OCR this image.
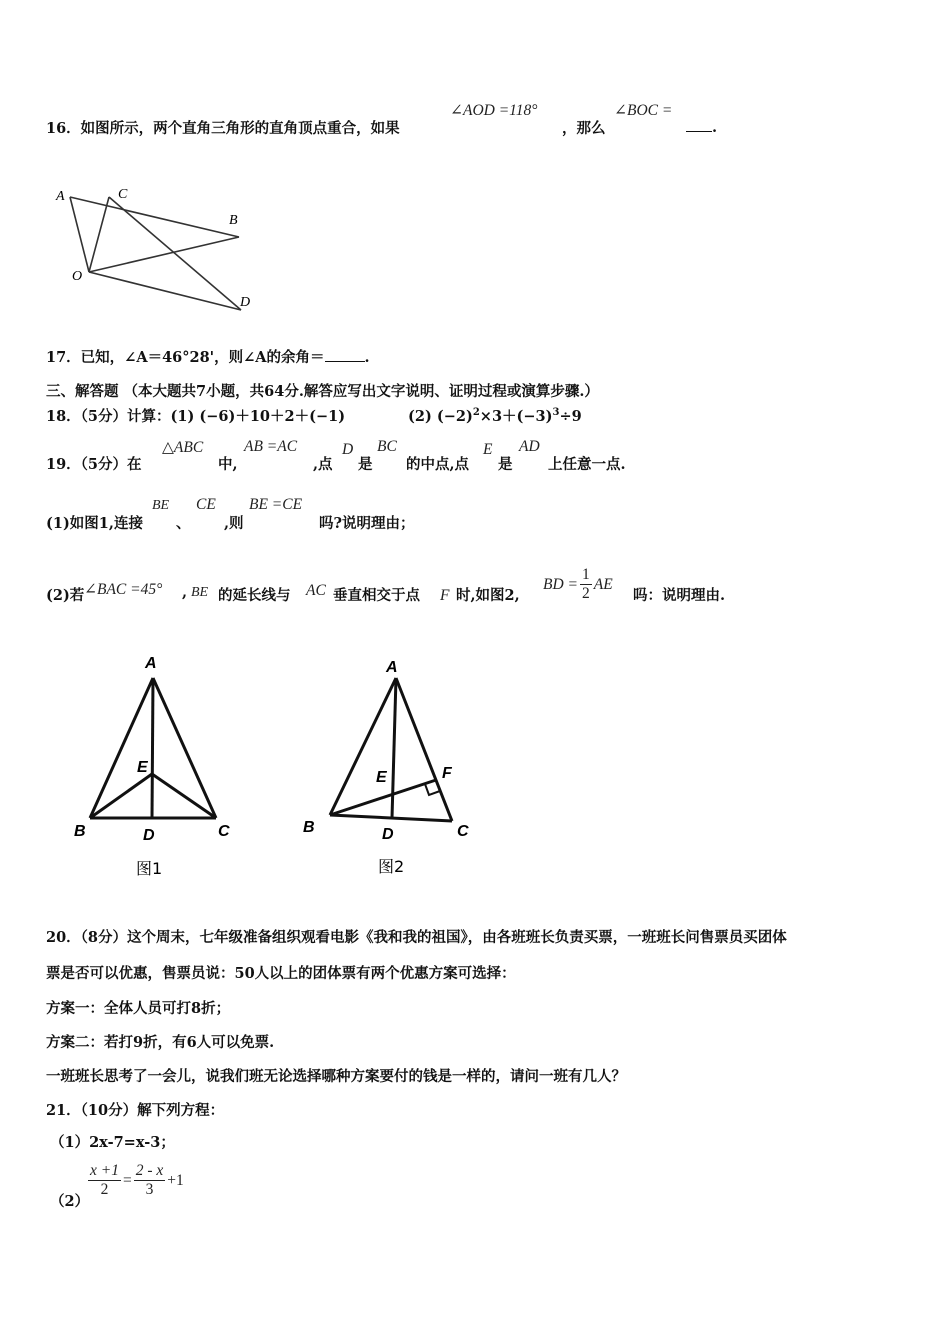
16．如图所示，两个直角三角形的直角顶点重合，如果
∠AOD =118°
，那么
∠BOC =
.
A	C
B
O
D
17．已知，∠A＝46°28'，则∠A的余角＝	.
三、解答题 （本大题共7小题，共64分.解答应写出文字说明、证明过程或演算步骤.）
18．（5分）计算：(1) (−6)＋10＋2＋(−1)	(2) $(-2)^2\times 3+(-3)^3\div 9$
19．（5分）在
△ABC
中,
AB =AC
,点
D
是
BC
的中点,点
E
是
AD
上任意一点.
(1)如图1,连接
BE
、
CE
,则
BE =CE
吗?说明理由；
(2)若 ∠BAC =45° , BE 的延长线与 AC 垂直相交于点 F 时,如图2,
BD = $\frac{1}{2}$ AE
吗：说明理由.
A
E
B	D	C
图1
A
E	F
B	D	C
图2
20．（8分）这个周末，七年级准备组织观看电影《我和我的祖国》，由各班班长负责买票，一班班长问售票员买团体
票是否可以优惠，售票员说：50人以上的团体票有两个优惠方案可选择：
方案一：全体人员可打8折；
方案二：若打9折，有6人可以免票.
一班班长思考了一会儿，说我们班无论选择哪种方案要付的钱是一样的，请问一班有几人？
21．（10分）解下列方程：
（1）2x-7=x-3；
（2）
$\frac{x +1}{2} = \frac{2 - x}{3} +1$
